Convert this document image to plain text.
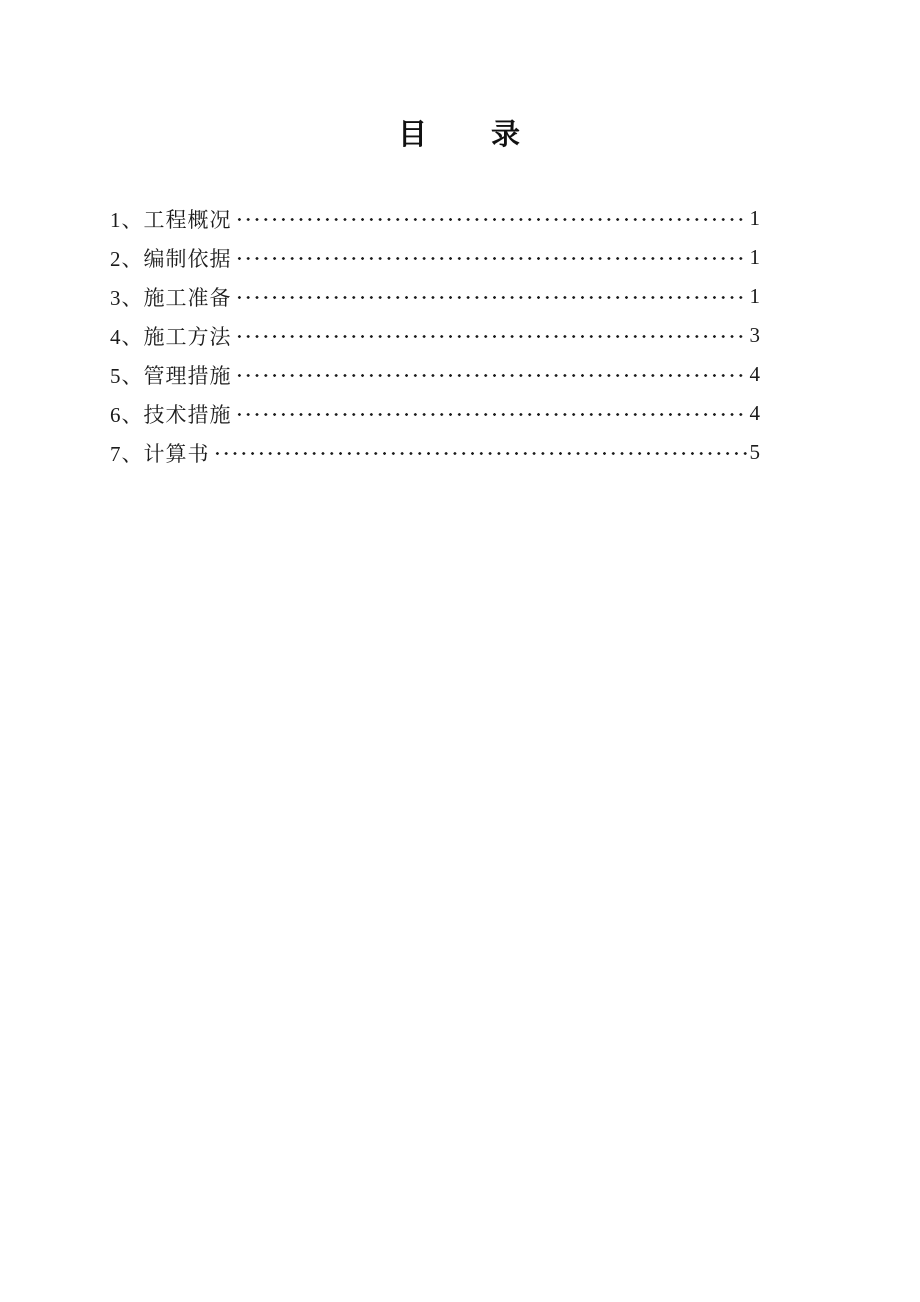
目　　录
1、工程概况	1
2、编制依据	1
3、施工准备	1
4、施工方法	3
5、管理措施	4
6、技术措施	4
7、计算书	5
